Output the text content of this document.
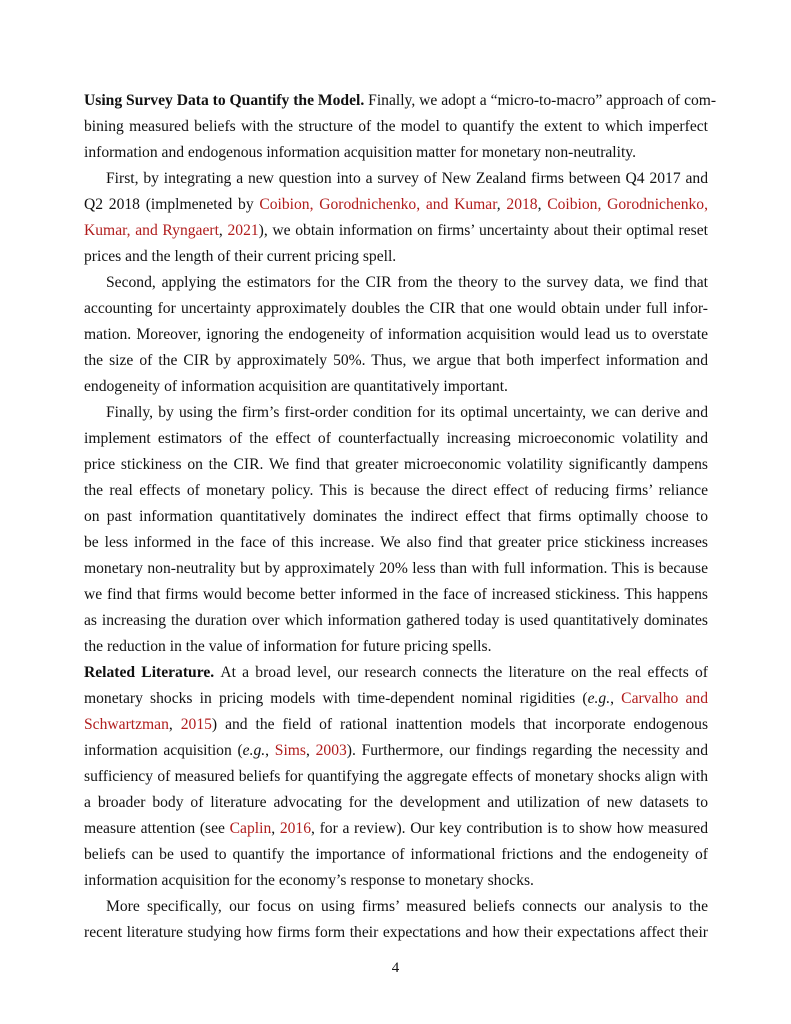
Using Survey Data to Quantify the Model. Finally, we adopt a “micro-to-macro” approach of com-
bining measured beliefs with the structure of the model to quantify the extent to which imperfect
information and endogenous information acquisition matter for monetary non-neutrality.
First, by integrating a new question into a survey of New Zealand firms between Q4 2017 and
Q2 2018 (implmeneted by Coibion, Gorodnichenko, and Kumar, 2018, Coibion, Gorodnichenko,
Kumar, and Ryngaert, 2021), we obtain information on firms’ uncertainty about their optimal reset
prices and the length of their current pricing spell.
Second, applying the estimators for the CIR from the theory to the survey data, we find that
accounting for uncertainty approximately doubles the CIR that one would obtain under full infor-
mation. Moreover, ignoring the endogeneity of information acquisition would lead us to overstate
the size of the CIR by approximately 50%. Thus, we argue that both imperfect information and
endogeneity of information acquisition are quantitatively important.
Finally, by using the firm’s first-order condition for its optimal uncertainty, we can derive and
implement estimators of the effect of counterfactually increasing microeconomic volatility and
price stickiness on the CIR. We find that greater microeconomic volatility significantly dampens
the real effects of monetary policy. This is because the direct effect of reducing firms’ reliance
on past information quantitatively dominates the indirect effect that firms optimally choose to
be less informed in the face of this increase. We also find that greater price stickiness increases
monetary non-neutrality but by approximately 20% less than with full information. This is because
we find that firms would become better informed in the face of increased stickiness. This happens
as increasing the duration over which information gathered today is used quantitatively dominates
the reduction in the value of information for future pricing spells.
Related Literature. At a broad level, our research connects the literature on the real effects of
monetary shocks in pricing models with time-dependent nominal rigidities (e.g., Carvalho and
Schwartzman, 2015) and the field of rational inattention models that incorporate endogenous
information acquisition (e.g., Sims, 2003). Furthermore, our findings regarding the necessity and
sufficiency of measured beliefs for quantifying the aggregate effects of monetary shocks align with
a broader body of literature advocating for the development and utilization of new datasets to
measure attention (see Caplin, 2016, for a review). Our key contribution is to show how measured
beliefs can be used to quantify the importance of informational frictions and the endogeneity of
information acquisition for the economy’s response to monetary shocks.
More specifically, our focus on using firms’ measured beliefs connects our analysis to the
recent literature studying how firms form their expectations and how their expectations affect their
4
